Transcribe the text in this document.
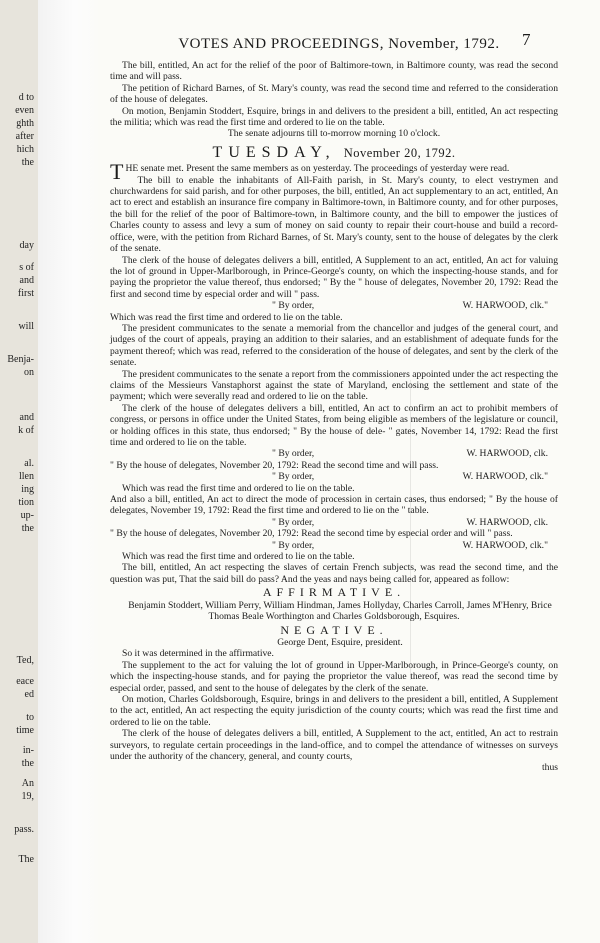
d to
even
ghth
after
hich
the
day
s of
and
first
will
Benja-
on
and
k of
al.
llen
ing
tion
up-
the
Ted,
eace
ed
to
time
in-
the
An
19,
pass.
The
VOTES AND PROCEEDINGS, November, 1792.	7

The bill, entitled, An act for the relief of the poor of Baltimore-town, in Baltimore county, was read the second time and will pass.

The petition of Richard Barnes, of St. Mary's county, was read the second time and referred to the consideration of the house of delegates.

On motion, Benjamin Stoddert, Esquire, brings in and delivers to the president a bill, entitled, An act respecting the militia; which was read the first time and ordered to lie on the table.

The senate adjourns till to-morrow morning 10 o'clock.

TUESDAY, November 20, 1792.

THE senate met. Present the same members as on yesterday. The proceedings of yesterday were read.

The bill to enable the inhabitants of All-Faith parish, in St. Mary's county, to elect vestrymen and churchwardens for said parish, and for other purposes, the bill, entitled, An act supplementary to an act, entitled, An act to erect and establish an insurance fire company in Baltimore-town, in Baltimore county, and for other purposes, the bill for the relief of the poor of Baltimore-town, in Baltimore county, and the bill to empower the justices of Charles county to assess and levy a sum of money on said county to repair their court-house and build a record-office, were, with the petition from Richard Barnes, of St. Mary's county, sent to the house of delegates by the clerk of the senate.

The clerk of the house of delegates delivers a bill, entitled, A Supplement to an act, entitled, An act for valuing the lot of ground in Upper-Marlborough, in Prince-George's county, on which the inspecting-house stands, and for paying the proprietor the value thereof, thus endorsed; " By the " house of delegates, November 20, 1792: Read the first and second time by especial order and will " pass.

" By order,	W. HARWOOD, clk."

Which was read the first time and ordered to lie on the table.

The president communicates to the senate a memorial from the chancellor and judges of the general court, and judges of the court of appeals, praying an addition to their salaries, and an establishment of adequate funds for the payment thereof; which was read, referred to the consideration of the house of delegates, and sent by the clerk of the senate.

The president communicates to the senate a report from the commissioners appointed under the act respecting the claims of the Messieurs Vanstaphorst against the state of Maryland, enclosing the settlement and state of the payment; which were severally read and ordered to lie on the table.

The clerk of the house of delegates delivers a bill, entitled, An act to confirm an act to prohibit members of congress, or persons in office under the United States, from being eligible as members of the legislature or council, or holding offices in this state, thus endorsed; " By the house of dele- " gates, November 14, 1792: Read the first time and ordered to lie on the table.

" By order,	W. HARWOOD, clk.

" By the house of delegates, November 20, 1792: Read the second time and will pass.

" By order,	W. HARWOOD, clk."

Which was read the first time and ordered to lie on the table.

And also a bill, entitled, An act to direct the mode of procession in certain cases, thus endorsed; " By the house of delegates, November 19, 1792: Read the first time and ordered to lie on the " table.

" By order,	W. HARWOOD, clk.

" By the house of delegates, November 20, 1792: Read the second time by especial order and will " pass.

" By order,	W. HARWOOD, clk."

Which was read the first time and ordered to lie on the table.

The bill, entitled, An act respecting the slaves of certain French subjects, was read the second time, and the question was put, That the said bill do pass? And the yeas and nays being called for, appeared as follow:

AFFIRMATIVE.

Benjamin Stoddert, William Perry, William Hindman, James Hollyday, Charles Carroll, James M'Henry, Brice Thomas Beale Worthington and Charles Goldsborough, Esquires.

NEGATIVE.

George Dent, Esquire, president.

So it was determined in the affirmative.

The supplement to the act for valuing the lot of ground in Upper-Marlborough, in Prince-George's county, on which the inspecting-house stands, and for paying the proprietor the value thereof, was read the second time by especial order, passed, and sent to the house of delegates by the clerk of the senate.

On motion, Charles Goldsborough, Esquire, brings in and delivers to the president a bill, entitled, A Supplement to the act, entitled, An act respecting the equity jurisdiction of the county courts; which was read the first time and ordered to lie on the table.

The clerk of the house of delegates delivers a bill, entitled, A Supplement to the act, entitled, An act to restrain surveyors, to regulate certain proceedings in the land-office, and to compel the attendance of witnesses on surveys under the authority of the chancery, general, and county courts,

thus
